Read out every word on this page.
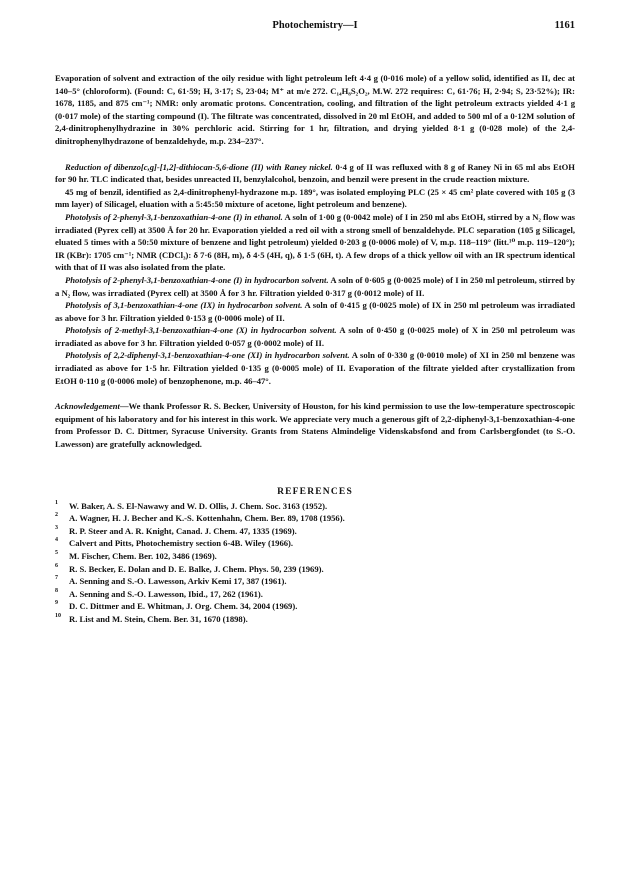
Photochemistry—I	1161

Evaporation of solvent and extraction of the oily residue with light petroleum left 4·4 g (0·016 mole) of a yellow solid, identified as II, dec at 140–5° (chloroform). (Found: C, 61·59; H, 3·17; S, 23·04; M⁺ at m/e 272. C₁₄H₈S₂O₂, M.W. 272 requires: C, 61·76; H, 2·94; S, 23·52%); IR: 1678, 1185, and 875 cm⁻¹; NMR: only aromatic protons. Concentration, cooling, and filtration of the light petroleum extracts yielded 4·1 g (0·017 mole) of the starting compound (I). The filtrate was concentrated, dissolved in 20 ml EtOH, and added to 500 ml of a 0·12M solution of 2,4-dinitrophenylhydrazine in 30% perchloric acid. Stirring for 1 hr, filtration, and drying yielded 8·1 g (0·028 mole) of the 2,4-dinitrophenylhydrazone of benzaldehyde, m.p. 234–237°.

Reduction of dibenzo[c,g]-[1,2]-dithiocan-5,6-dione (II) with Raney nickel. 0·4 g of II was refluxed with 8 g of Raney Ni in 65 ml abs EtOH for 90 hr. TLC indicated that, besides unreacted II, benzylalcohol, benzoin, and benzil were present in the crude reaction mixture.

45 mg of benzil, identified as 2,4-dinitrophenyl-hydrazone m.p. 189°, was isolated employing PLC (25 × 45 cm² plate covered with 105 g (3 mm layer) of Silicagel, eluation with a 5:45:50 mixture of acetone, light petroleum and benzene).

Photolysis of 2-phenyl-3,1-benzoxathian-4-one (I) in ethanol. A soln of 1·00 g (0·0042 mole) of I in 250 ml abs EtOH, stirred by a N₂ flow was irradiated (Pyrex cell) at 3500 Å for 20 hr. Evaporation yielded a red oil with a strong smell of benzaldehyde. PLC separation (105 g Silicagel, eluated 5 times with a 50:50 mixture of benzene and light petroleum) yielded 0·203 g (0·0006 mole) of V, m.p. 118–119° (litt.¹⁰ m.p. 119–120°); IR (KBr): 1705 cm⁻¹; NMR (CDCl₃): δ 7·6 (8H, m), δ 4·5 (4H, q), δ 1·5 (6H, t). A few drops of a thick yellow oil with an IR spectrum identical with that of II was also isolated from the plate.

Photolysis of 2-phenyl-3,1-benzoxathian-4-one (I) in hydrocarbon solvent. A soln of 0·605 g (0·0025 mole) of I in 250 ml petroleum, stirred by a N₂ flow, was irradiated (Pyrex cell) at 3500 Å for 3 hr. Filtration yielded 0·317 g (0·0012 mole) of II.

Photolysis of 3,1-benzoxathian-4-one (IX) in hydrocarbon solvent. A soln of 0·415 g (0·0025 mole) of IX in 250 ml petroleum was irradiated as above for 3 hr. Filtration yielded 0·153 g (0·0006 mole) of II.

Photolysis of 2-methyl-3,1-benzoxathian-4-one (X) in hydrocarbon solvent. A soln of 0·450 g (0·0025 mole) of X in 250 ml petroleum was irradiated as above for 3 hr. Filtration yielded 0·057 g (0·0002 mole) of II.

Photolysis of 2,2-diphenyl-3,1-benzoxathian-4-one (XI) in hydrocarbon solvent. A soln of 0·330 g (0·0010 mole) of XI in 250 ml benzene was irradiated as above for 1·5 hr. Filtration yielded 0·135 g (0·0005 mole) of II. Evaporation of the filtrate yielded after crystallization from EtOH 0·110 g (0·0006 mole) of benzophenone, m.p. 46–47°.

Acknowledgement—We thank Professor R. S. Becker, University of Houston, for his kind permission to use the low-temperature spectroscopic equipment of his laboratory and for his interest in this work. We appreciate very much a generous gift of 2,2-diphenyl-3,1-benzoxathian-4-one from Professor D. C. Dittmer, Syracuse University. Grants from Statens Almindelige Videnskabsfond and from Carlsbergfondet (to S.-O. Lawesson) are gratefully acknowledged.

REFERENCES
1 W. Baker, A. S. El-Nawawy and W. D. Ollis, J. Chem. Soc. 3163 (1952).
2 A. Wagner, H. J. Becher and K.-S. Kottenhahn, Chem. Ber. 89, 1708 (1956).
3 R. P. Steer and A. R. Knight, Canad. J. Chem. 47, 1335 (1969).
4 Calvert and Pitts, Photochemistry section 6-4B. Wiley (1966).
5 M. Fischer, Chem. Ber. 102, 3486 (1969).
6 R. S. Becker, E. Dolan and D. E. Balke, J. Chem. Phys. 50, 239 (1969).
7 A. Senning and S.-O. Lawesson, Arkiv Kemi 17, 387 (1961).
8 A. Senning and S.-O. Lawesson, Ibid., 17, 262 (1961).
9 D. C. Dittmer and E. Whitman, J. Org. Chem. 34, 2004 (1969).
10 R. List and M. Stein, Chem. Ber. 31, 1670 (1898).
